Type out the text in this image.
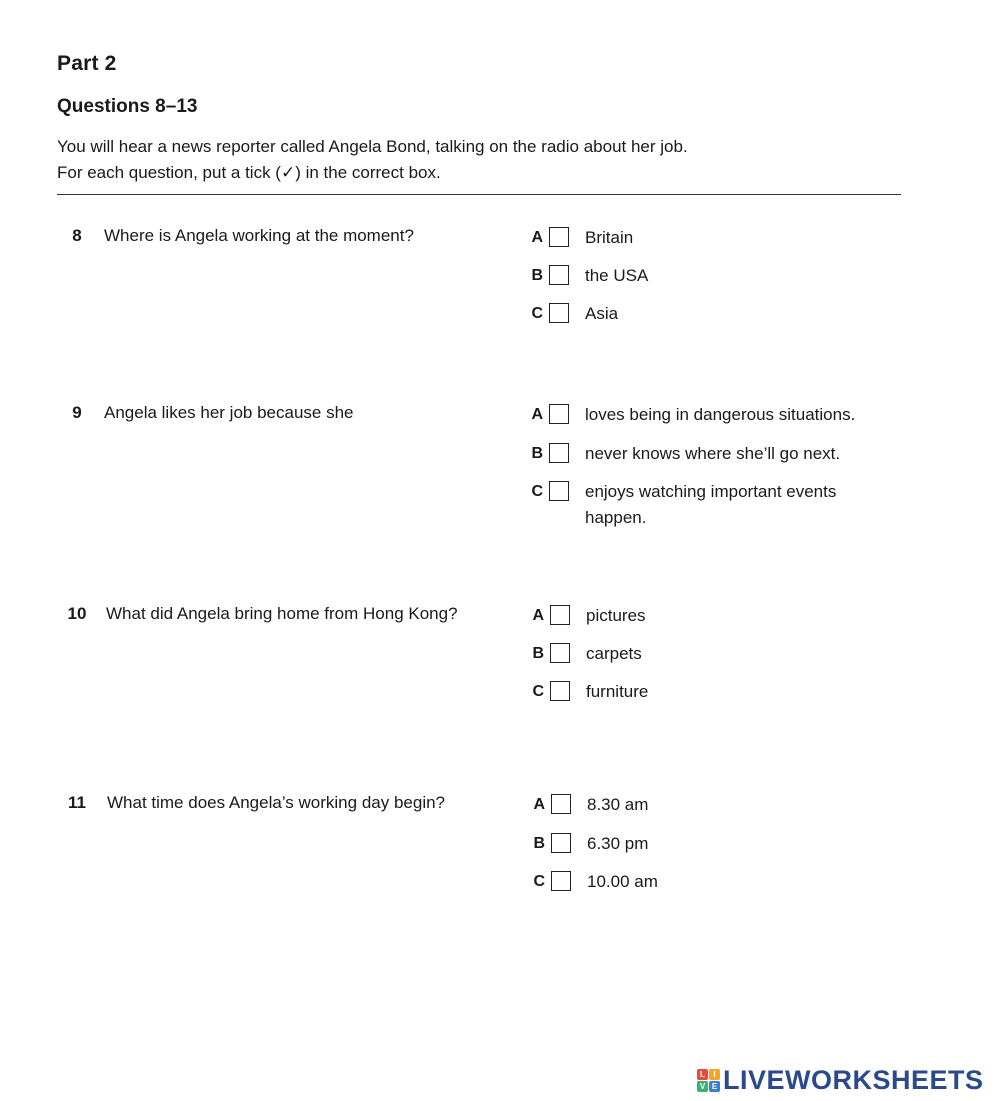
Part 2
Questions 8–13
You will hear a news reporter called Angela Bond, talking on the radio about her job.
For each question, put a tick (✓) in the correct box.
8	Where is Angela working at the moment?	A Britain
B the USA
C Asia
9	Angela likes her job because she	A loves being in dangerous situations.
B never knows where she’ll go next.
C enjoys watching important events happen.
10	What did Angela bring home from Hong Kong?	A pictures
B carpets
C furniture
11	What time does Angela’s working day begin?	A 8.30 am
B 6.30 pm
C 10.00 am
L	I
V E LIVEWORKSHEETS
